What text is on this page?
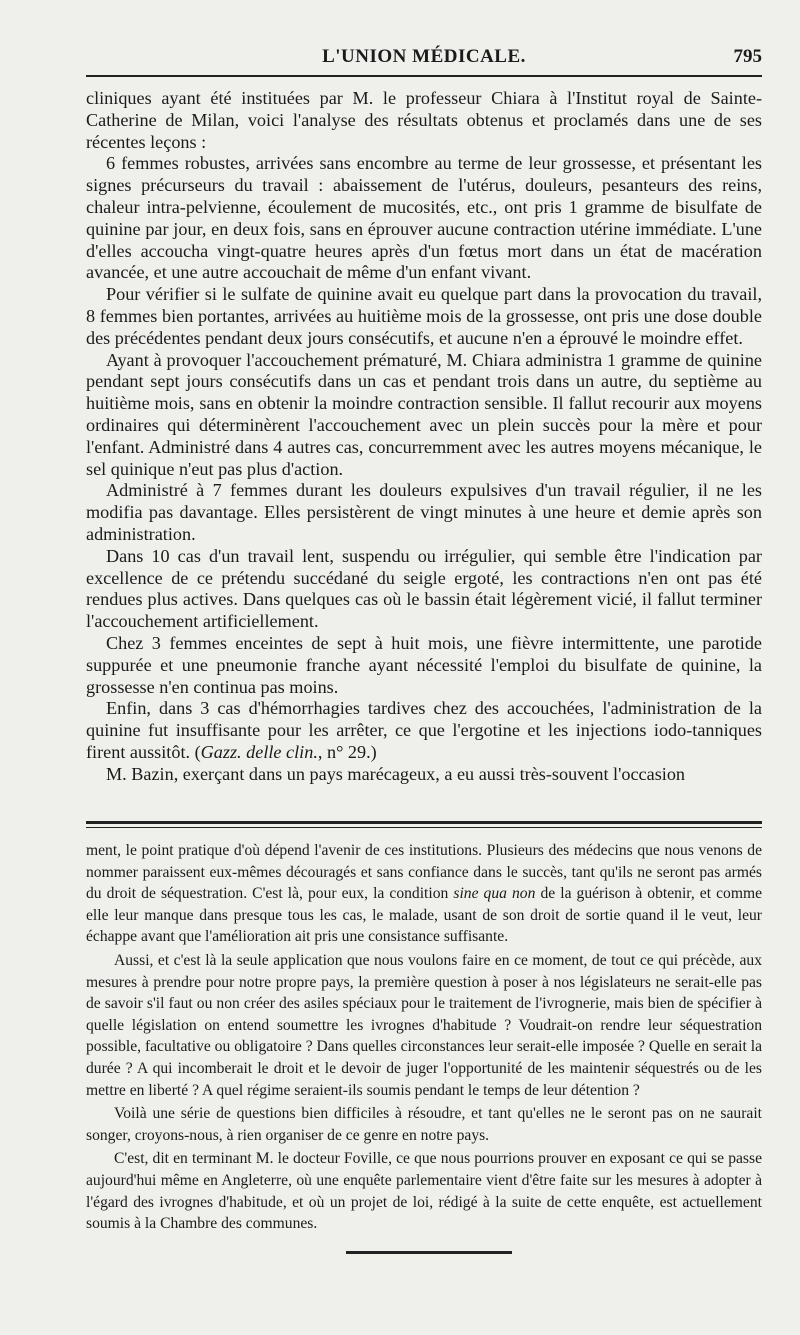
L'UNION MÉDICALE.	795

cliniques ayant été instituées par M. le professeur Chiara à l'Institut royal de Sainte-Catherine de Milan, voici l'analyse des résultats obtenus et proclamés dans une de ses récentes leçons :

6 femmes robustes, arrivées sans encombre au terme de leur grossesse, et présentant les signes précurseurs du travail : abaissement de l'utérus, douleurs, pesanteurs des reins, chaleur intra-pelvienne, écoulement de mucosités, etc., ont pris 1 gramme de bisulfate de quinine par jour, en deux fois, sans en éprouver aucune contraction utérine immédiate. L'une d'elles accoucha vingt-quatre heures après d'un fœtus mort dans un état de macération avancée, et une autre accouchait de même d'un enfant vivant.

Pour vérifier si le sulfate de quinine avait eu quelque part dans la provocation du travail, 8 femmes bien portantes, arrivées au huitième mois de la grossesse, ont pris une dose double des précédentes pendant deux jours consécutifs, et aucune n'en a éprouvé le moindre effet.

Ayant à provoquer l'accouchement prématuré, M. Chiara administra 1 gramme de quinine pendant sept jours consécutifs dans un cas et pendant trois dans un autre, du septième au huitième mois, sans en obtenir la moindre contraction sensible. Il fallut recourir aux moyens ordinaires qui déterminèrent l'accouchement avec un plein succès pour la mère et pour l'enfant. Administré dans 4 autres cas, concurremment avec les autres moyens mécanique, le sel quinique n'eut pas plus d'action.

Administré à 7 femmes durant les douleurs expulsives d'un travail régulier, il ne les modifia pas davantage. Elles persistèrent de vingt minutes à une heure et demie après son administration.

Dans 10 cas d'un travail lent, suspendu ou irrégulier, qui semble être l'indication par excellence de ce prétendu succédané du seigle ergoté, les contractions n'en ont pas été rendues plus actives. Dans quelques cas où le bassin était légèrement vicié, il fallut terminer l'accouchement artificiellement.

Chez 3 femmes enceintes de sept à huit mois, une fièvre intermittente, une parotide suppurée et une pneumonie franche ayant nécessité l'emploi du bisulfate de quinine, la grossesse n'en continua pas moins.

Enfin, dans 3 cas d'hémorrhagies tardives chez des accouchées, l'administration de la quinine fut insuffisante pour les arrêter, ce que l'ergotine et les injections iodo-tanniques firent aussitôt. (Gazz. delle clin., n° 29.)

M. Bazin, exerçant dans un pays marécageux, a eu aussi très-souvent l'occasion

ment, le point pratique d'où dépend l'avenir de ces institutions. Plusieurs des médecins que nous venons de nommer paraissent eux-mêmes découragés et sans confiance dans le succès, tant qu'ils ne seront pas armés du droit de séquestration. C'est là, pour eux, la condition sine qua non de la guérison à obtenir, et comme elle leur manque dans presque tous les cas, le malade, usant de son droit de sortie quand il le veut, leur échappe avant que l'amélioration ait pris une consistance suffisante.

Aussi, et c'est là la seule application que nous voulons faire en ce moment, de tout ce qui précède, aux mesures à prendre pour notre propre pays, la première question à poser à nos législateurs ne serait-elle pas de savoir s'il faut ou non créer des asiles spéciaux pour le traitement de l'ivrognerie, mais bien de spécifier à quelle législation on entend soumettre les ivrognes d'habitude ? Voudrait-on rendre leur séquestration possible, facultative ou obligatoire ? Dans quelles circonstances leur serait-elle imposée ? Quelle en serait la durée ? A qui incomberait le droit et le devoir de juger l'opportunité de les maintenir séquestrés ou de les mettre en liberté ? A quel régime seraient-ils soumis pendant le temps de leur détention ?

Voilà une série de questions bien difficiles à résoudre, et tant qu'elles ne le seront pas on ne saurait songer, croyons-nous, à rien organiser de ce genre en notre pays.

C'est, dit en terminant M. le docteur Foville, ce que nous pourrions prouver en exposant ce qui se passe aujourd'hui même en Angleterre, où une enquête parlementaire vient d'être faite sur les mesures à adopter à l'égard des ivrognes d'habitude, et où un projet de loi, rédigé à la suite de cette enquête, est actuellement soumis à la Chambre des communes.
